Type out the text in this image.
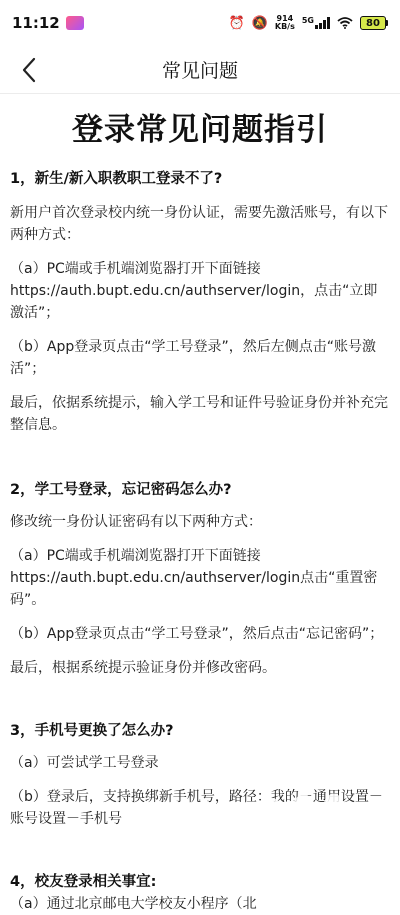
11:12	⏰ 🔕 914
KB/s
5G	80
常见问题
登录常见问题指引
1，新生/新入职教职工登录不了?
新用户首次登录校内统一身份认证，需要先激活账号，有以下两种方式：
（a）PC端或手机端浏览器打开下面链接https://auth.bupt.edu.cn/authserver/login，点击“立即激活”；
（b）App登录页点击“学工号登录”，然后左侧点击“账号激活”；
最后，依据系统提示，输入学工号和证件号验证身份并补充完整信息。
2，学工号登录，忘记密码怎么办?
修改统一身份认证密码有以下两种方式：
（a）PC端或手机端浏览器打开下面链接https://auth.bupt.edu.cn/authserver/login点击“重置密码”。
（b）App登录页点击“学工号登录”，然后点击“忘记密码”；
最后，根据系统提示验证身份并修改密码。
3，手机号更换了怎么办?
（a）可尝试学工号登录
（b）登录后，支持换绑新手机号，路径：我的－通用设置－账号设置－手机号
4，校友登录相关事宜:
（a）通过北京邮电大学校友小程序（北
